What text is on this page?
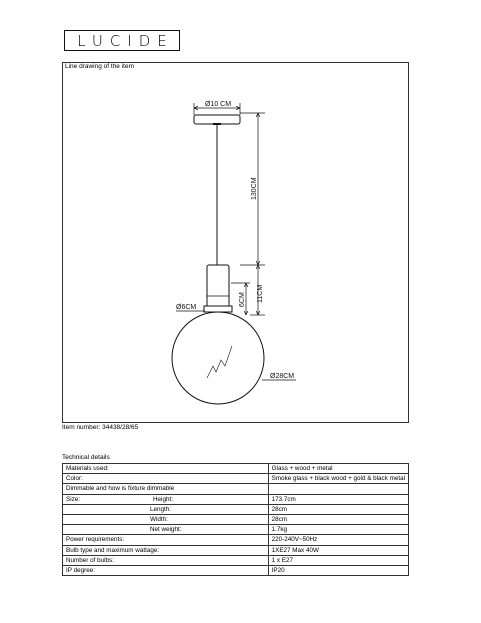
LUCIDE
Line drawing of the item
Ø10 CM
130CM
11CM
6CM
Ø6CM
Ø28CM
Item number: 34438/28/65
Technical details
Materials used:	Glass + wood + metal
Color:	Smoke glass + black wood + gold & black metal
Dimmable and how is fixture dimmable	
Size: Height:	173.7cm
Length:	28cm
Width:	28cm
Net weight:	1.7kg
Power requirements:	220-240V~50Hz
Bulb type and maximum wattage:	1XE27 Max 40W
Number of bulbs:	1 x E27
IP degree:	IP20
